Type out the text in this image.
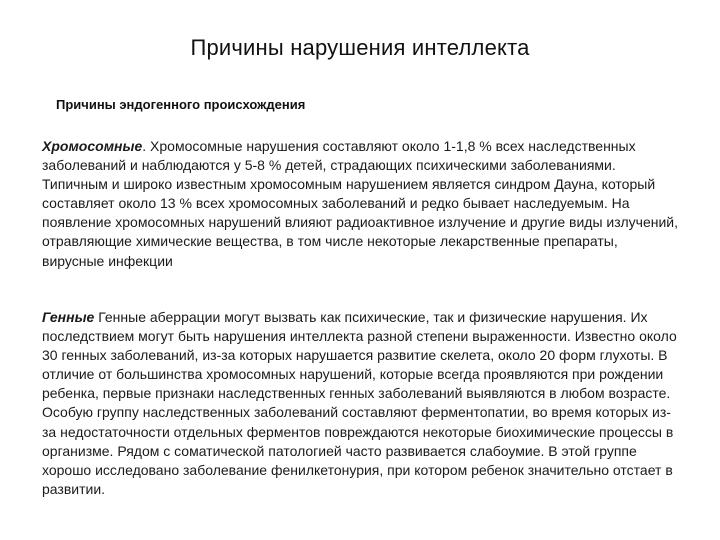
Причины нарушения интеллекта
Причины эндогенного происхождения

Хромосомные. Хромосомные нарушения составляют около 1-1,8 % всех наследственных заболеваний и наблюдаются у 5-8 % детей, страдающих психическими заболеваниями. Типичным и широко известным хромосомным нарушением является синдром Дауна, который составляет около 13 % всех хромосомных заболеваний и редко бывает наследуемым. На появление хромосомных нарушений влияют радиоактивное излучение и другие виды излучений, отравляющие химические вещества, в том числе некоторые лекарственные препараты, вирусные инфекции

Генные Генные аберрации могут вызвать как психические, так и физические нарушения. Их последствием могут быть нарушения интеллекта разной степени выраженности. Известно около 30 генных заболеваний, из-за которых нарушается развитие скелета, около 20 форм глухоты. В отличие от большинства хромосомных нарушений, которые всегда проявляются при рождении ребенка, первые признаки наследственных генных заболеваний выявляются в любом возрасте. Особую группу наследственных заболеваний составляют ферментопатии, во время которых из-за недостаточности отдельных ферментов повреждаются некоторые биохимические процессы в организме. Рядом с соматической патологией часто развивается слабоумие. В этой группе хорошо исследовано заболевание фенилкетонурия, при котором ребенок значительно отстает в развитии.
